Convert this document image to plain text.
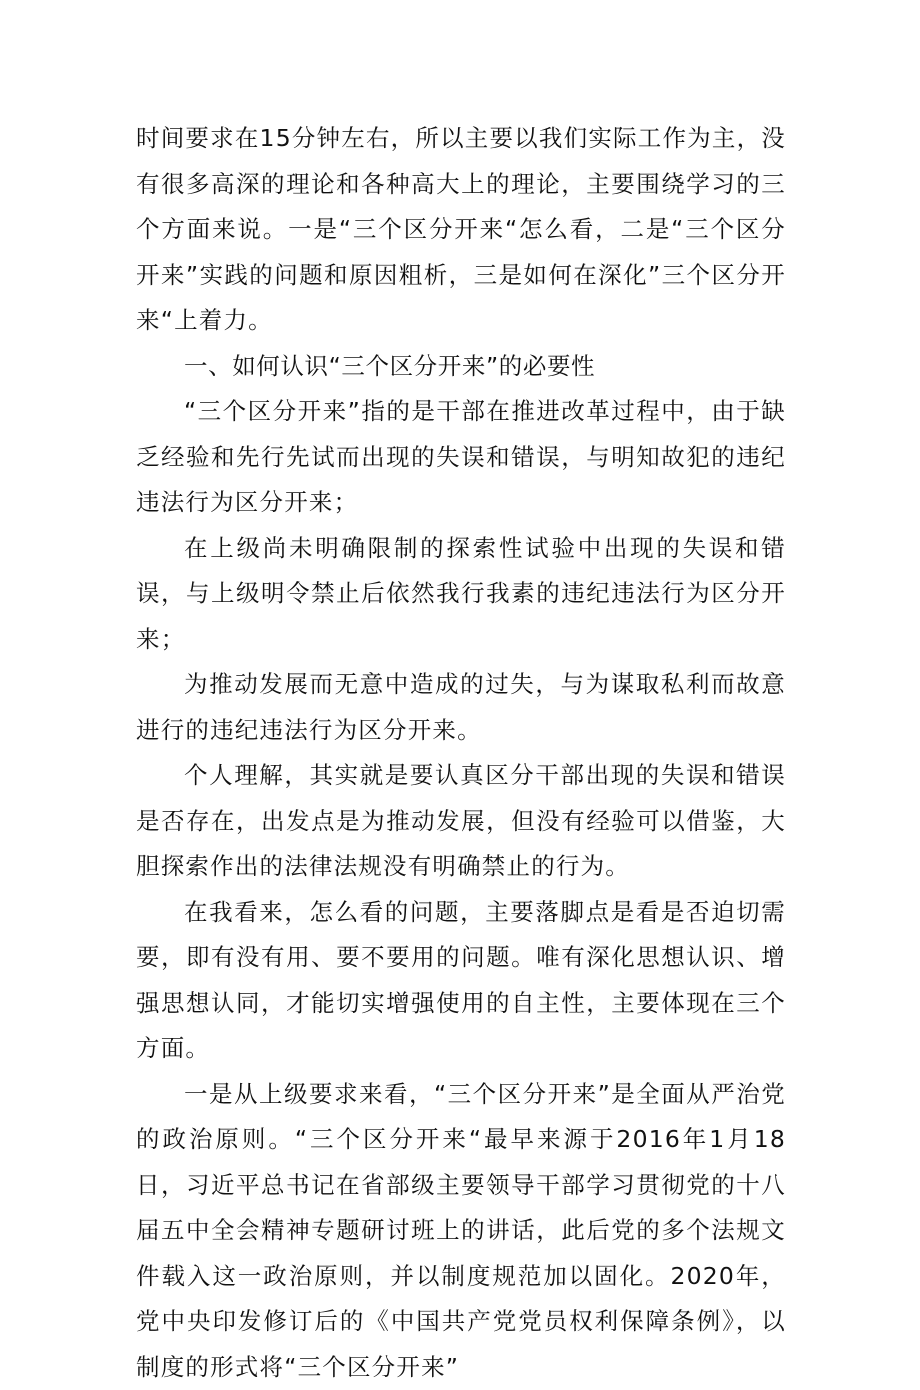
时间要求在15分钟左右，所以主要以我们实际工作为主，没有很多高深的理论和各种高大上的理论，主要围绕学习的三个方面来说。一是“三个区分开来“怎么看，二是“三个区分开来”实践的问题和原因粗析，三是如何在深化”三个区分开来“上着力。

一、如何认识“三个区分开来”的必要性

“三个区分开来”指的是干部在推进改革过程中，由于缺乏经验和先行先试而出现的失误和错误，与明知故犯的违纪违法行为区分开来；

在上级尚未明确限制的探索性试验中出现的失误和错误，与上级明令禁止后依然我行我素的违纪违法行为区分开来；

为推动发展而无意中造成的过失，与为谋取私利而故意进行的违纪违法行为区分开来。

个人理解，其实就是要认真区分干部出现的失误和错误是否存在，出发点是为推动发展，但没有经验可以借鉴，大胆探索作出的法律法规没有明确禁止的行为。

在我看来，怎么看的问题，主要落脚点是看是否迫切需要，即有没有用、要不要用的问题。唯有深化思想认识、增强思想认同，才能切实增强使用的自主性，主要体现在三个方面。

一是从上级要求来看，“三个区分开来”是全面从严治党的政治原则。“三个区分开来“最早来源于2016年1月18日，习近平总书记在省部级主要领导干部学习贯彻党的十八届五中全会精神专题研讨班上的讲话，此后党的多个法规文件载入这一政治原则，并以制度规范加以固化。2020年，党中央印发修订后的《中国共产党党员权利保障条例》，以制度的形式将“三个区分开来”
